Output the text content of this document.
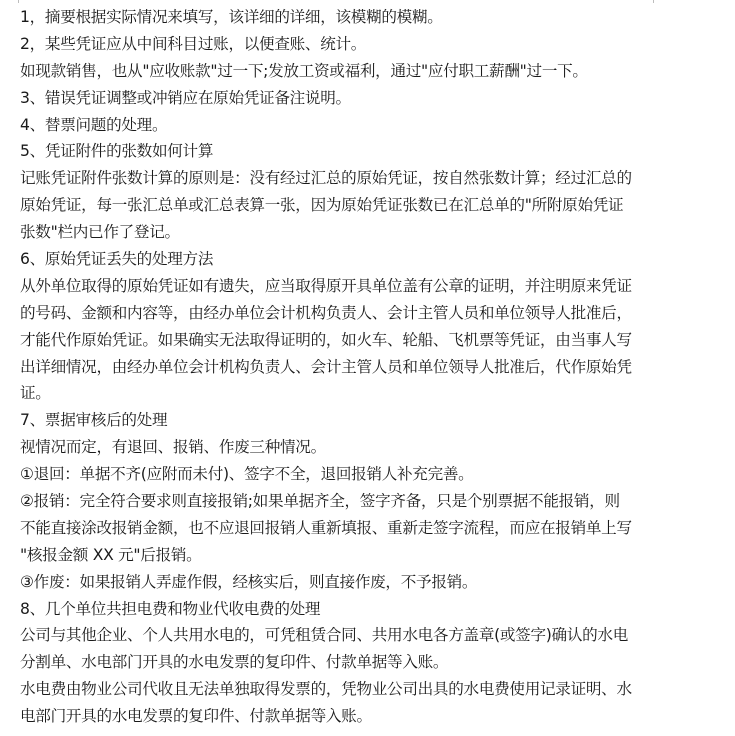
1，摘要根据实际情况来填写，该详细的详细，该模糊的模糊。
2，某些凭证应从中间科目过账，以便查账、统计。
如现款销售，也从"应收账款"过一下;发放工资或福利，通过"应付职工薪酬"过一下。
3、错误凭证调整或冲销应在原始凭证备注说明。
4、替票问题的处理。
5、凭证附件的张数如何计算
记账凭证附件张数计算的原则是：没有经过汇总的原始凭证，按自然张数计算；经过汇总的
原始凭证，每一张汇总单或汇总表算一张，因为原始凭证张数已在汇总单的"所附原始凭证
张数"栏内已作了登记。
6、原始凭证丢失的处理方法
从外单位取得的原始凭证如有遗失，应当取得原开具单位盖有公章的证明，并注明原来凭证
的号码、金额和内容等，由经办单位会计机构负责人、会计主管人员和单位领导人批准后，
才能代作原始凭证。如果确实无法取得证明的，如火车、轮船、飞机票等凭证，由当事人写
出详细情况，由经办单位会计机构负责人、会计主管人员和单位领导人批准后，代作原始凭
证。
7、票据审核后的处理
视情况而定，有退回、报销、作废三种情况。
①退回：单据不齐(应附而未付)、签字不全，退回报销人补充完善。
②报销：完全符合要求则直接报销;如果单据齐全，签字齐备，只是个别票据不能报销，则
不能直接涂改报销金额，也不应退回报销人重新填报、重新走签字流程，而应在报销单上写
"核报金额 XX 元"后报销。
③作废：如果报销人弄虚作假，经核实后，则直接作废，不予报销。
8、几个单位共担电费和物业代收电费的处理
公司与其他企业、个人共用水电的，可凭租赁合同、共用水电各方盖章(或签字)确认的水电
分割单、水电部门开具的水电发票的复印件、付款单据等入账。
水电费由物业公司代收且无法单独取得发票的，凭物业公司出具的水电费使用记录证明、水
电部门开具的水电发票的复印件、付款单据等入账。
